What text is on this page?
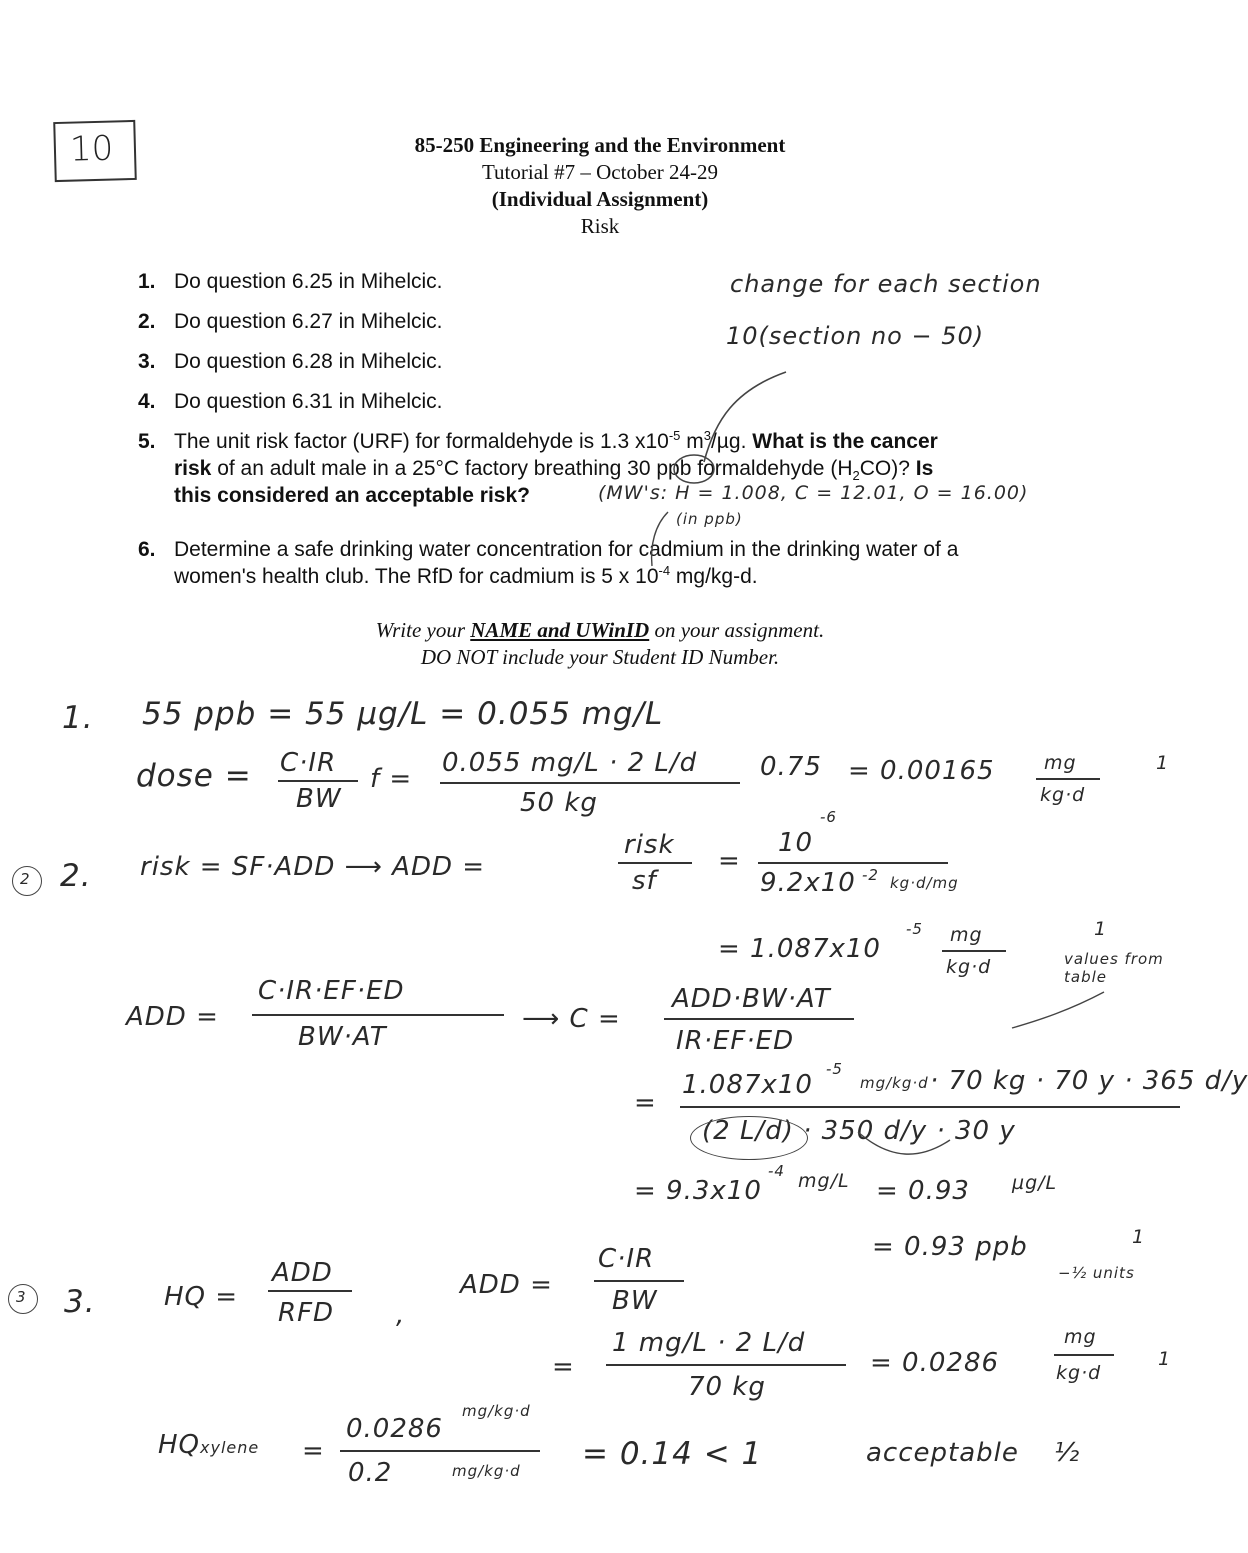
10	85-250 Engineering and the Environment
Tutorial #7 – October 24-29
(Individual Assignment)
Risk
1. Do question 6.25 in Mihelcic.
2. Do question 6.27 in Mihelcic.
3. Do question 6.28 in Mihelcic.
4. Do question 6.31 in Mihelcic.
5. The unit risk factor (URF) for formaldehyde is 1.3 $x10^{-5}$ $m^3/\mu g$. What is the cancer
risk of an adult male in a 25°C factory breathing 30 ppb formaldehyde $(H_2CO)$? Is
this considered an acceptable risk?
6. Determine a safe drinking water concentration for cadmium in the drinking water of a
women's health club. The RfD for cadmium is 5 x $10^{-4}$ mg/kg-d.
Write your NAME and UWinID on your assignment.
DO NOT include your Student ID Number.
change for each section
10(section no − 50)
(MW's: H = 1.008, C = 12.01, O = 16.00)
(in ppb)
1. 55 ppb = 55 µg/L = 0.055 mg/L
dose = C·IR
BW
f =
0.055 mg/L · 2 L/d
50 kg
0.75 = 0.00165	mg
kg·d
1
2 2. risk = SF·ADD ⟶ ADD =
risk
sf
=
10
-6
9.2x10 -2 kg·d/mg
= 1.087x10
-5 mg
kg·d
1
values from table
ADD =
C·IR·EF·ED
BW·AT
⟶ C =
ADD·BW·AT
IR·EF·ED
=
1.087x10
-5
mg/kg·d · 70 kg · 70 y · 365 d/y
(2 L/d) · 350 d/y · 30 y
= 9.3x10
-4 mg/L = 0.93 µg/L
= 0.93 ppb	1
−½ units
3 3.	HQ =
ADD
RFD ,
ADD =
C·IR
BW
=
1 mg/L · 2 L/d
70 kg
= 0.0286
mg
kg·d
1
HQxylene =
0.0286
mg/kg·d
0.2	mg/kg·d = 0.14 < 1	acceptable ½
